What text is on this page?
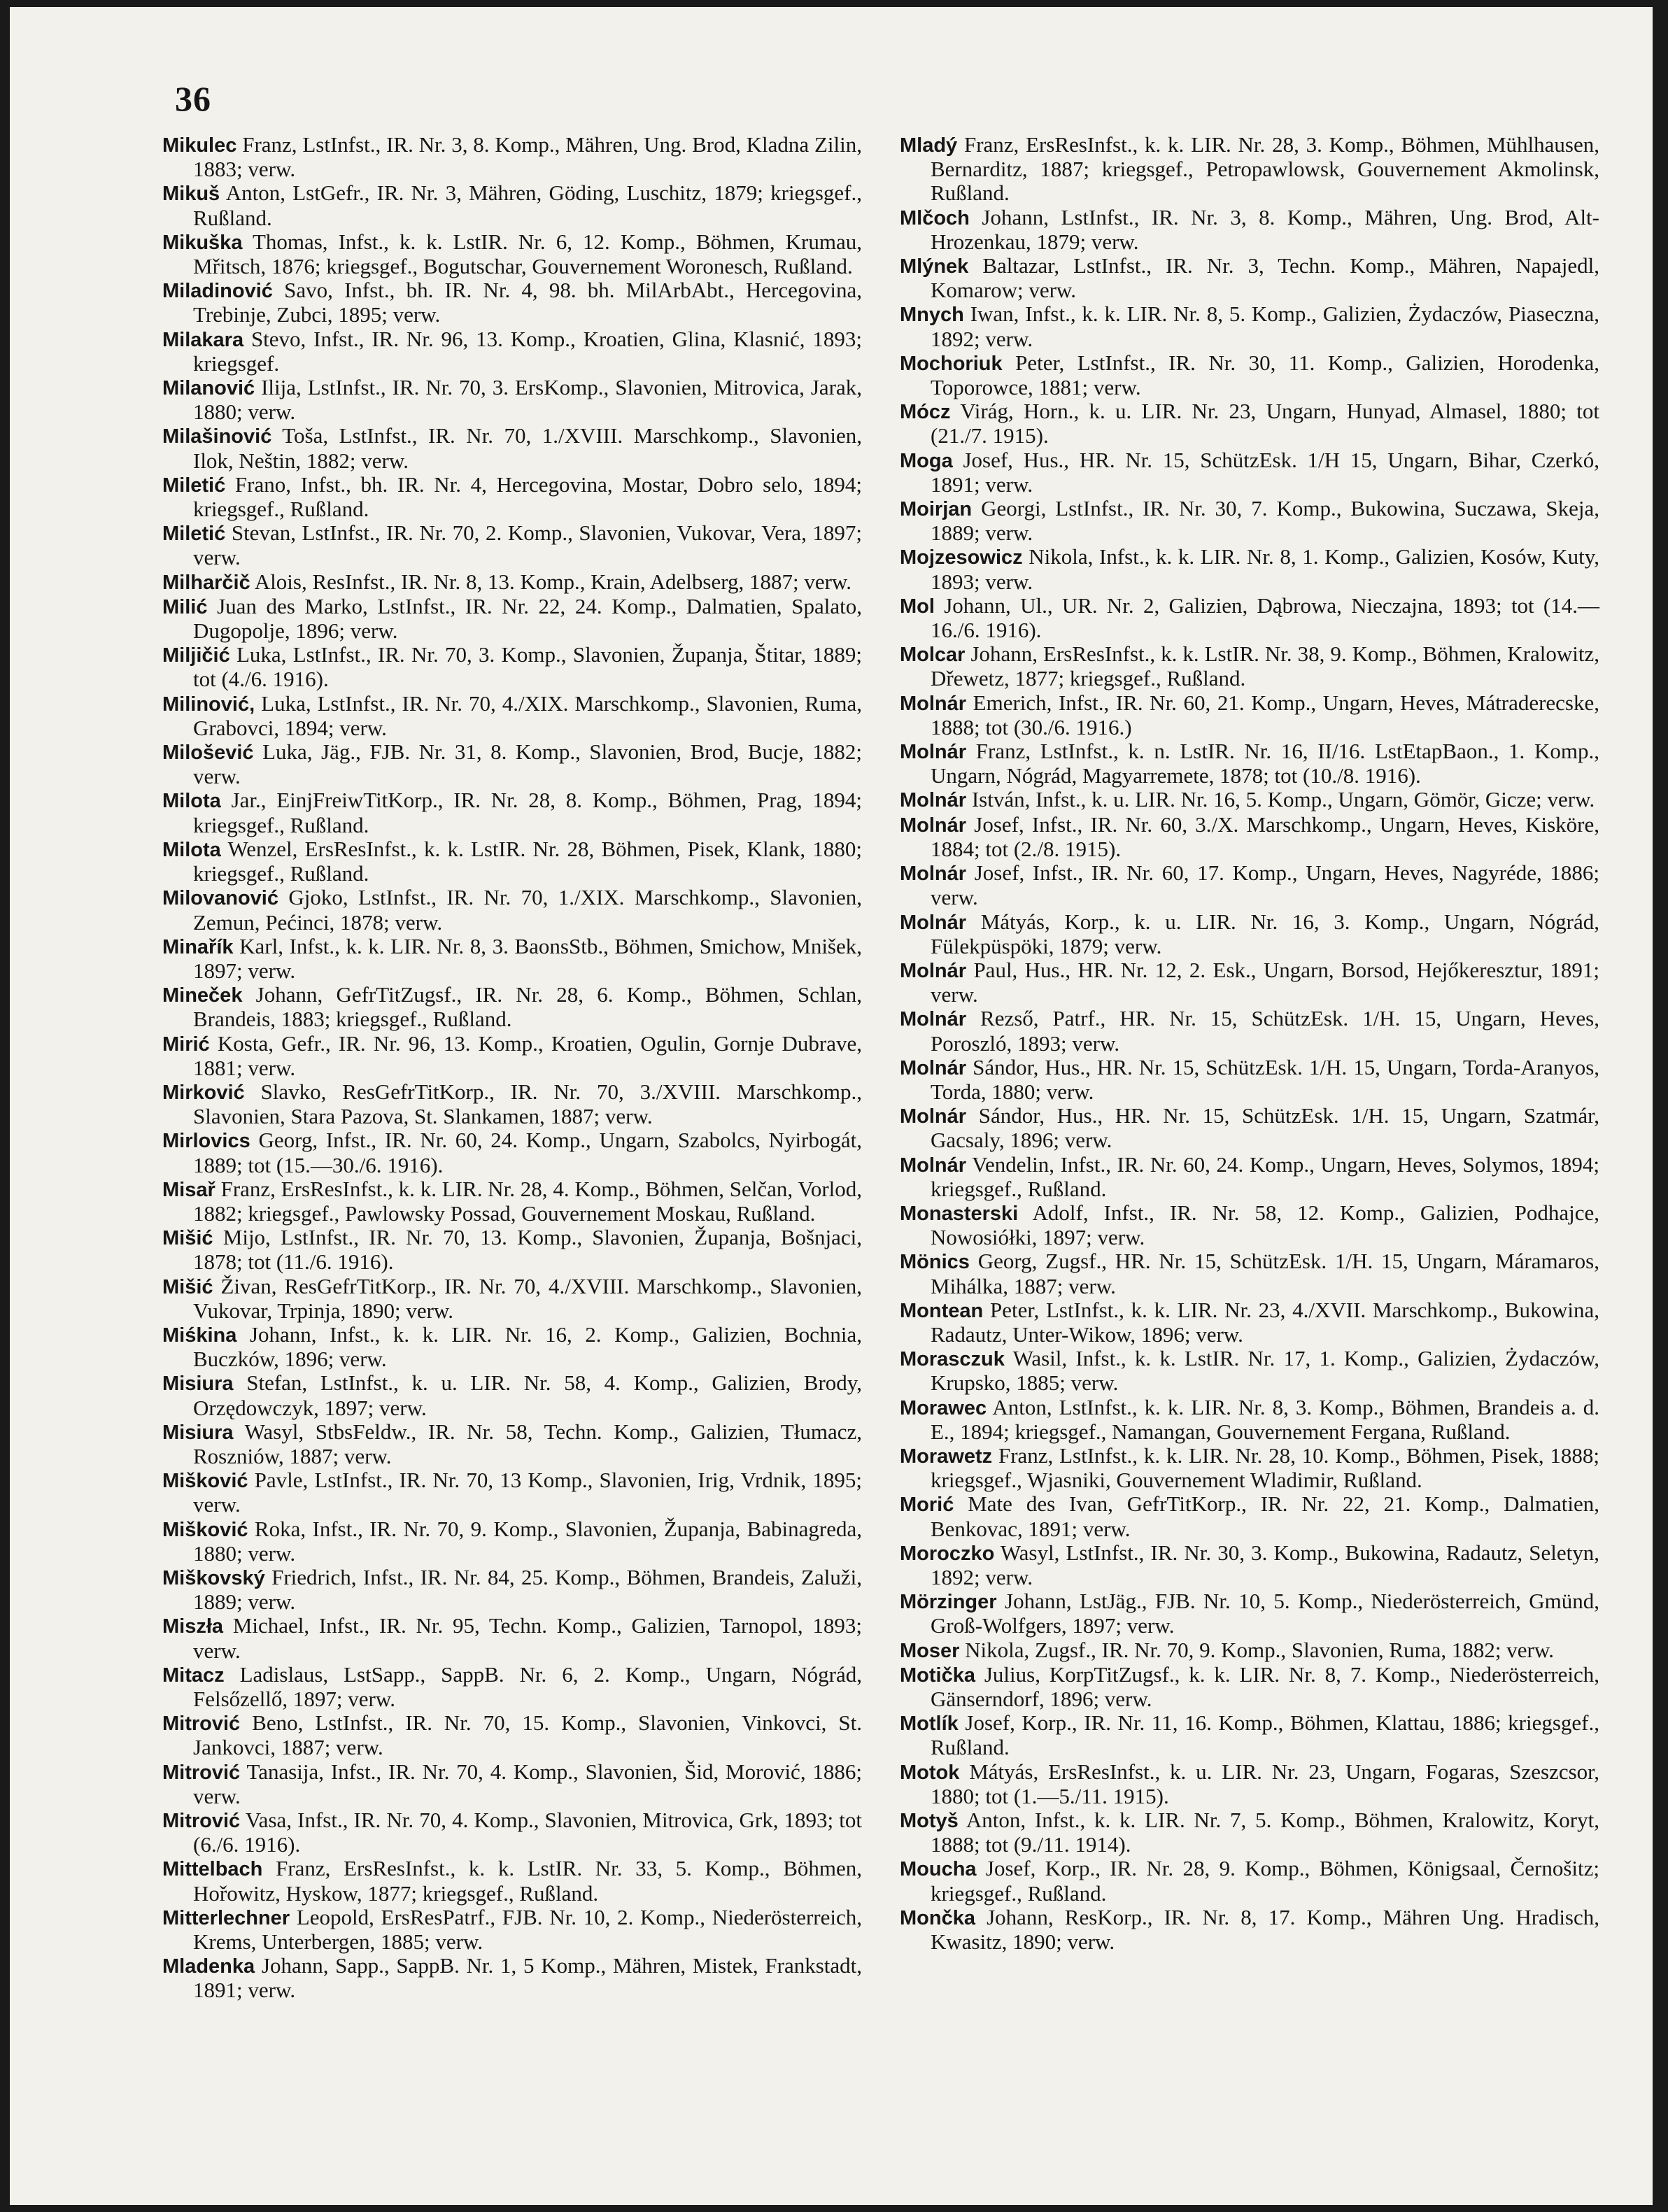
36

Mikulec Franz, LstInfst., IR. Nr. 3, 8. Komp., Mähren, Ung. Brod, Kladna Zilin, 1883; verw.

Mikuš Anton, LstGefr., IR. Nr. 3, Mähren, Göding, Luschitz, 1879; kriegsgef., Rußland.

Mikuška Thomas, Infst., k. k. LstIR. Nr. 6, 12. Komp., Böhmen, Krumau, Mřitsch, 1876; kriegsgef., Bogutschar, Gouvernement Woronesch, Rußland.

Miladinović Savo, Infst., bh. IR. Nr. 4, 98. bh. MilArbAbt., Hercegovina, Trebinje, Zubci, 1895; verw.

Milakara Stevo, Infst., IR. Nr. 96, 13. Komp., Kroatien, Glina, Klasnić, 1893; kriegsgef.

Milanović Ilija, LstInfst., IR. Nr. 70, 3. ErsKomp., Slavonien, Mitrovica, Jarak, 1880; verw.

Milašinović Toša, LstInfst., IR. Nr. 70, 1./XVIII. Marschkomp., Slavonien, Ilok, Neštin, 1882; verw.

Miletić Frano, Infst., bh. IR. Nr. 4, Hercegovina, Mostar, Dobro selo, 1894; kriegsgef., Rußland.

Miletić Stevan, LstInfst., IR. Nr. 70, 2. Komp., Slavonien, Vukovar, Vera, 1897; verw.

Milharčič Alois, ResInfst., IR. Nr. 8, 13. Komp., Krain, Adelbserg, 1887; verw.

Milić Juan des Marko, LstInfst., IR. Nr. 22, 24. Komp., Dalmatien, Spalato, Dugopolje, 1896; verw.

Miljičić Luka, LstInfst., IR. Nr. 70, 3. Komp., Slavonien, Županja, Štitar, 1889; tot (4./6. 1916).

Milinović, Luka, LstInfst., IR. Nr. 70, 4./XIX. Marschkomp., Slavonien, Ruma, Grabovci, 1894; verw.

Milošević Luka, Jäg., FJB. Nr. 31, 8. Komp., Slavonien, Brod, Bucje, 1882; verw.

Milota Jar., EinjFreiwTitKorp., IR. Nr. 28, 8. Komp., Böhmen, Prag, 1894; kriegsgef., Rußland.

Milota Wenzel, ErsResInfst., k. k. LstIR. Nr. 28, Böhmen, Pisek, Klank, 1880; kriegsgef., Rußland.

Milovanović Gjoko, LstInfst., IR. Nr. 70, 1./XIX. Marschkomp., Slavonien, Zemun, Pećinci, 1878; verw.

Minařík Karl, Infst., k. k. LIR. Nr. 8, 3. BaonsStb., Böhmen, Smichow, Mnišek, 1897; verw.

Mineček Johann, GefrTitZugsf., IR. Nr. 28, 6. Komp., Böhmen, Schlan, Brandeis, 1883; kriegsgef., Rußland.

Mirić Kosta, Gefr., IR. Nr. 96, 13. Komp., Kroatien, Ogulin, Gornje Dubrave, 1881; verw.

Mirković Slavko, ResGefrTitKorp., IR. Nr. 70, 3./XVIII. Marschkomp., Slavonien, Stara Pazova, St. Slankamen, 1887; verw.

Mirlovics Georg, Infst., IR. Nr. 60, 24. Komp., Ungarn, Szabolcs, Nyirbogát, 1889; tot (15.—30./6. 1916).

Misař Franz, ErsResInfst., k. k. LIR. Nr. 28, 4. Komp., Böhmen, Selčan, Vorlod, 1882; kriegsgef., Pawlowsky Possad, Gouvernement Moskau, Rußland.

Mišić Mijo, LstInfst., IR. Nr. 70, 13. Komp., Slavonien, Županja, Bošnjaci, 1878; tot (11./6. 1916).

Mišić Živan, ResGefrTitKorp., IR. Nr. 70, 4./XVIII. Marschkomp., Slavonien, Vukovar, Trpinja, 1890; verw.

Miśkina Johann, Infst., k. k. LIR. Nr. 16, 2. Komp., Galizien, Bochnia, Buczków, 1896; verw.

Misiura Stefan, LstInfst., k. u. LIR. Nr. 58, 4. Komp., Galizien, Brody, Orzędowczyk, 1897; verw.

Misiura Wasyl, StbsFeldw., IR. Nr. 58, Techn. Komp., Galizien, Tłumacz, Roszniów, 1887; verw.

Mišković Pavle, LstInfst., IR. Nr. 70, 13 Komp., Slavonien, Irig, Vrdnik, 1895; verw.

Mišković Roka, Infst., IR. Nr. 70, 9. Komp., Slavonien, Županja, Babinagreda, 1880; verw.

Miškovský Friedrich, Infst., IR. Nr. 84, 25. Komp., Böhmen, Brandeis, Zaluži, 1889; verw.

Miszła Michael, Infst., IR. Nr. 95, Techn. Komp., Galizien, Tarnopol, 1893; verw.

Mitacz Ladislaus, LstSapp., SappB. Nr. 6, 2. Komp., Ungarn, Nógrád, Felsőzellő, 1897; verw.

Mitrović Beno, LstInfst., IR. Nr. 70, 15. Komp., Slavonien, Vinkovci, St. Jankovci, 1887; verw.

Mitrović Tanasija, Infst., IR. Nr. 70, 4. Komp., Slavonien, Šid, Morović, 1886; verw.

Mitrović Vasa, Infst., IR. Nr. 70, 4. Komp., Slavonien, Mitrovica, Grk, 1893; tot (6./6. 1916).

Mittelbach Franz, ErsResInfst., k. k. LstIR. Nr. 33, 5. Komp., Böhmen, Hořowitz, Hyskow, 1877; kriegsgef., Rußland.

Mitterlechner Leopold, ErsResPatrf., FJB. Nr. 10, 2. Komp., Niederösterreich, Krems, Unterbergen, 1885; verw.

Mladenka Johann, Sapp., SappB. Nr. 1, 5 Komp., Mähren, Mistek, Frankstadt, 1891; verw.

Mladý Franz, ErsResInfst., k. k. LIR. Nr. 28, 3. Komp., Böhmen, Mühlhausen, Bernarditz, 1887; kriegsgef., Petropawlowsk, Gouvernement Akmolinsk, Rußland.

Mlčoch Johann, LstInfst., IR. Nr. 3, 8. Komp., Mähren, Ung. Brod, Alt-Hrozenkau, 1879; verw.

Mlýnek Baltazar, LstInfst., IR. Nr. 3, Techn. Komp., Mähren, Napajedl, Komarow; verw.

Mnych Iwan, Infst., k. k. LIR. Nr. 8, 5. Komp., Galizien, Żydaczów, Piaseczna, 1892; verw.

Mochoriuk Peter, LstInfst., IR. Nr. 30, 11. Komp., Galizien, Horodenka, Toporowce, 1881; verw.

Mócz Virág, Horn., k. u. LIR. Nr. 23, Ungarn, Hunyad, Almasel, 1880; tot (21./7. 1915).

Moga Josef, Hus., HR. Nr. 15, SchützEsk. 1/H 15, Ungarn, Bihar, Czerkó, 1891; verw.

Moirjan Georgi, LstInfst., IR. Nr. 30, 7. Komp., Bukowina, Suczawa, Skeja, 1889; verw.

Mojzesowicz Nikola, Infst., k. k. LIR. Nr. 8, 1. Komp., Galizien, Kosów, Kuty, 1893; verw.

Mol Johann, Ul., UR. Nr. 2, Galizien, Dąbrowa, Nieczajna, 1893; tot (14.—16./6. 1916).

Molcar Johann, ErsResInfst., k. k. LstIR. Nr. 38, 9. Komp., Böhmen, Kralowitz, Dřewetz, 1877; kriegsgef., Rußland.

Molnár Emerich, Infst., IR. Nr. 60, 21. Komp., Ungarn, Heves, Mátraderecske, 1888; tot (30./6. 1916.)

Molnár Franz, LstInfst., k. n. LstIR. Nr. 16, II/16. LstEtapBaon., 1. Komp., Ungarn, Nógrád, Magyarremete, 1878; tot (10./8. 1916).

Molnár István, Infst., k. u. LIR. Nr. 16, 5. Komp., Ungarn, Gömör, Gicze; verw.

Molnár Josef, Infst., IR. Nr. 60, 3./X. Marschkomp., Ungarn, Heves, Kisköre, 1884; tot (2./8. 1915).

Molnár Josef, Infst., IR. Nr. 60, 17. Komp., Ungarn, Heves, Nagyréde, 1886; verw.

Molnár Mátyás, Korp., k. u. LIR. Nr. 16, 3. Komp., Ungarn, Nógrád, Fülekpüspöki, 1879; verw.

Molnár Paul, Hus., HR. Nr. 12, 2. Esk., Ungarn, Borsod, Hejőkeresztur, 1891; verw.

Molnár Rezső, Patrf., HR. Nr. 15, SchützEsk. 1/H. 15, Ungarn, Heves, Poroszló, 1893; verw.

Molnár Sándor, Hus., HR. Nr. 15, SchützEsk. 1/H. 15, Ungarn, Torda-Aranyos, Torda, 1880; verw.

Molnár Sándor, Hus., HR. Nr. 15, SchützEsk. 1/H. 15, Ungarn, Szatmár, Gacsaly, 1896; verw.

Molnár Vendelin, Infst., IR. Nr. 60, 24. Komp., Ungarn, Heves, Solymos, 1894; kriegsgef., Rußland.

Monasterski Adolf, Infst., IR. Nr. 58, 12. Komp., Galizien, Podhajce, Nowosiółki, 1897; verw.

Mönics Georg, Zugsf., HR. Nr. 15, SchützEsk. 1/H. 15, Ungarn, Máramaros, Mihálka, 1887; verw.

Montean Peter, LstInfst., k. k. LIR. Nr. 23, 4./XVII. Marschkomp., Bukowina, Radautz, Unter-Wikow, 1896; verw.

Morasczuk Wasil, Infst., k. k. LstIR. Nr. 17, 1. Komp., Galizien, Żydaczów, Krupsko, 1885; verw.

Morawec Anton, LstInfst., k. k. LIR. Nr. 8, 3. Komp., Böhmen, Brandeis a. d. E., 1894; kriegsgef., Namangan, Gouvernement Fergana, Rußland.

Morawetz Franz, LstInfst., k. k. LIR. Nr. 28, 10. Komp., Böhmen, Pisek, 1888; kriegsgef., Wjasniki, Gouvernement Wladimir, Rußland.

Morić Mate des Ivan, GefrTitKorp., IR. Nr. 22, 21. Komp., Dalmatien, Benkovac, 1891; verw.

Moroczko Wasyl, LstInfst., IR. Nr. 30, 3. Komp., Bukowina, Radautz, Seletyn, 1892; verw.

Mörzinger Johann, LstJäg., FJB. Nr. 10, 5. Komp., Niederösterreich, Gmünd, Groß-Wolfgers, 1897; verw.

Moser Nikola, Zugsf., IR. Nr. 70, 9. Komp., Slavonien, Ruma, 1882; verw.

Motička Julius, KorpTitZugsf., k. k. LIR. Nr. 8, 7. Komp., Niederösterreich, Gänserndorf, 1896; verw.

Motlík Josef, Korp., IR. Nr. 11, 16. Komp., Böhmen, Klattau, 1886; kriegsgef., Rußland.

Motok Mátyás, ErsResInfst., k. u. LIR. Nr. 23, Ungarn, Fogaras, Szeszcsor, 1880; tot (1.—5./11. 1915).

Motyš Anton, Infst., k. k. LIR. Nr. 7, 5. Komp., Böhmen, Kralowitz, Koryt, 1888; tot (9./11. 1914).

Moucha Josef, Korp., IR. Nr. 28, 9. Komp., Böhmen, Königsaal, Černošitz; kriegsgef., Rußland.

Mončka Johann, ResKorp., IR. Nr. 8, 17. Komp., Mähren Ung. Hradisch, Kwasitz, 1890; verw.
